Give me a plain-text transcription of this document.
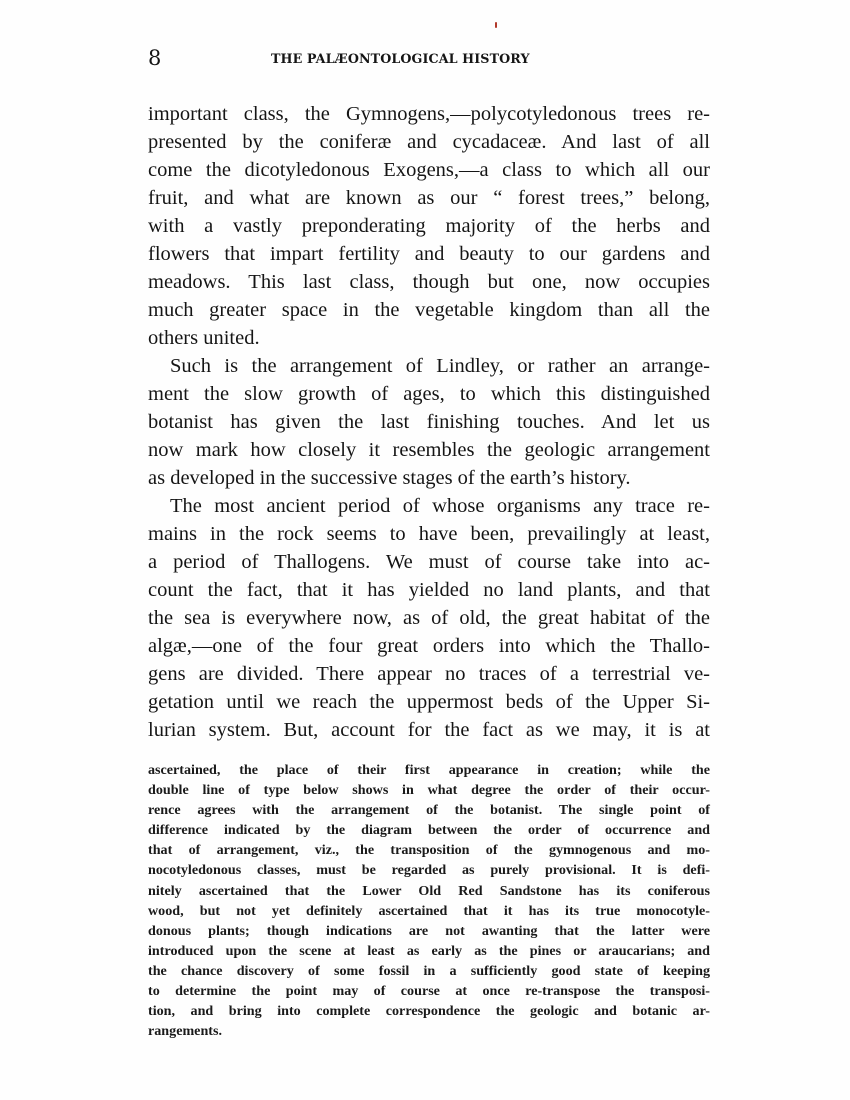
8	THE PALÆONTOLOGICAL HISTORY
important class, the Gymnogens,—polycotyledonous trees re-
presented by the coniferæ and cycadaceæ. And last of all
come the dicotyledonous Exogens,—a class to which all our
fruit, and what are known as our “ forest trees,” belong,
with a vastly preponderating majority of the herbs and
flowers that impart fertility and beauty to our gardens and
meadows. This last class, though but one, now occupies
much greater space in the vegetable kingdom than all the
others united.
Such is the arrangement of Lindley, or rather an arrange-
ment the slow growth of ages, to which this distinguished
botanist has given the last finishing touches. And let us
now mark how closely it resembles the geologic arrangement
as developed in the successive stages of the earth’s history.
The most ancient period of whose organisms any trace re-
mains in the rock seems to have been, prevailingly at least,
a period of Thallogens. We must of course take into ac-
count the fact, that it has yielded no land plants, and that
the sea is everywhere now, as of old, the great habitat of the
algæ,—one of the four great orders into which the Thallo-
gens are divided. There appear no traces of a terrestrial ve-
getation until we reach the uppermost beds of the Upper Si-
lurian system. But, account for the fact as we may, it is at
ascertained, the place of their first appearance in creation; while the
double line of type below shows in what degree the order of their occur-
rence agrees with the arrangement of the botanist. The single point of
difference indicated by the diagram between the order of occurrence and
that of arrangement, viz., the transposition of the gymnogenous and mo-
nocotyledonous classes, must be regarded as purely provisional. It is defi-
nitely ascertained that the Lower Old Red Sandstone has its coniferous
wood, but not yet definitely ascertained that it has its true monocotyle-
donous plants; though indications are not awanting that the latter were
introduced upon the scene at least as early as the pines or araucarians; and
the chance discovery of some fossil in a sufficiently good state of keeping
to determine the point may of course at once re-transpose the transposi-
tion, and bring into complete correspondence the geologic and botanic ar-
rangements.
